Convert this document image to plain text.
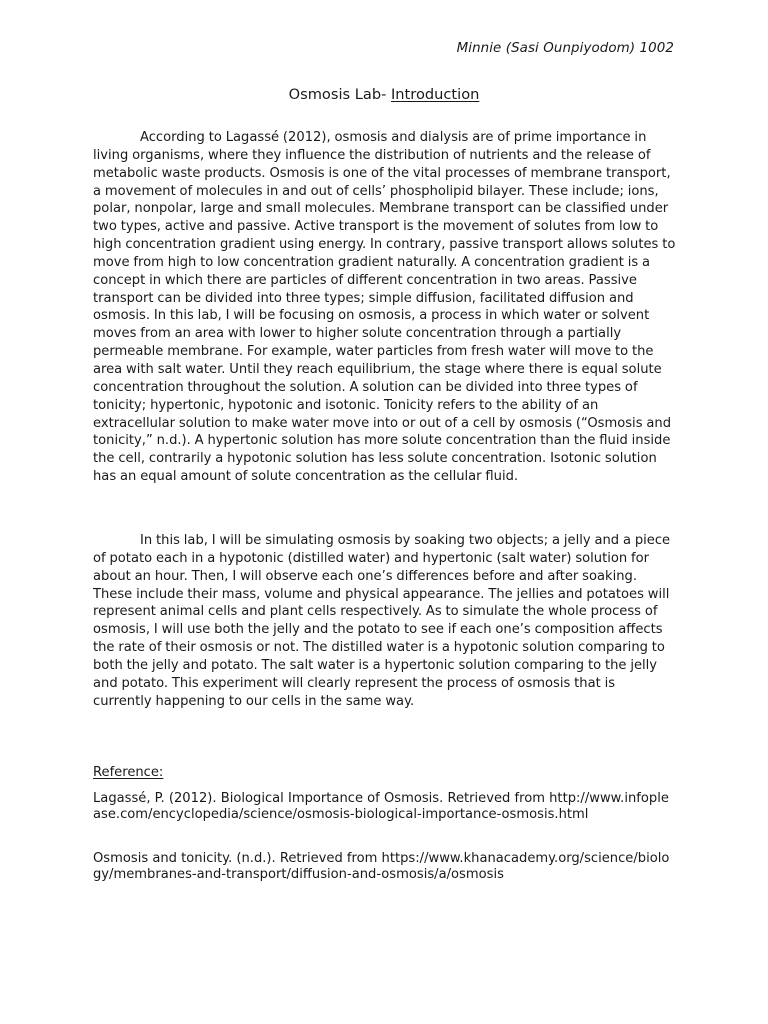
Minnie (Sasi Ounpiyodom) 1002
Osmosis Lab- Introduction

According to Lagassé (2012), osmosis and dialysis are of prime importance in living organisms, where they influence the distribution of nutrients and the release of metabolic waste products. Osmosis is one of the vital processes of membrane transport, a movement of molecules in and out of cells’ phospholipid bilayer. These include; ions, polar, nonpolar, large and small molecules. Membrane transport can be classified under two types, active and passive. Active transport is the movement of solutes from low to high concentration gradient using energy. In contrary, passive transport allows solutes to move from high to low concentration gradient naturally. A concentration gradient is a concept in which there are particles of different concentration in two areas. Passive transport can be divided into three types; simple diffusion, facilitated diffusion and osmosis. In this lab, I will be focusing on osmosis, a process in which water or solvent moves from an area with lower to higher solute concentration through a partially permeable membrane. For example, water particles from fresh water will move to the area with salt water. Until they reach equilibrium, the stage where there is equal solute concentration throughout the solution. A solution can be divided into three types of tonicity; hypertonic, hypotonic and isotonic. Tonicity refers to the ability of an extracellular solution to make water move into or out of a cell by osmosis (“Osmosis and tonicity,” n.d.). A hypertonic solution has more solute concentration than the fluid inside the cell, contrarily a hypotonic solution has less solute concentration. Isotonic solution has an equal amount of solute concentration as the cellular fluid.

In this lab, I will be simulating osmosis by soaking two objects; a jelly and a piece of potato each in a hypotonic (distilled water) and hypertonic (salt water) solution for about an hour. Then, I will observe each one’s differences before and after soaking. These include their mass, volume and physical appearance. The jellies and potatoes will represent animal cells and plant cells respectively. As to simulate the whole process of osmosis, I will use both the jelly and the potato to see if each one’s composition affects the rate of their osmosis or not. The distilled water is a hypotonic solution comparing to both the jelly and potato. The salt water is a hypertonic solution comparing to the jelly and potato. This experiment will clearly represent the process of osmosis that is currently happening to our cells in the same way.

Reference:

Lagassé, P. (2012). Biological Importance of Osmosis. Retrieved from http://www.infoplease.com/encyclopedia/science/osmosis-biological-importance-osmosis.html

Osmosis and tonicity. (n.d.). Retrieved from https://www.khanacademy.org/science/biology/membranes-and-transport/diffusion-and-osmosis/a/osmosis
